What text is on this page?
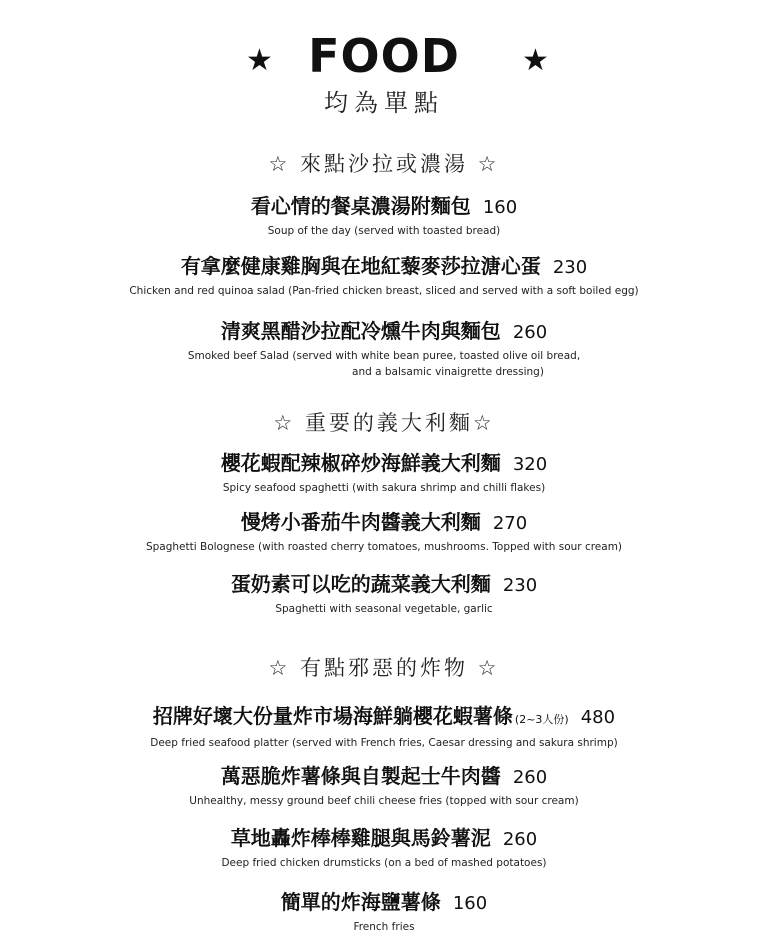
★ FOOD	★
均為單點
☆ 來點沙拉或濃湯 ☆
看心情的餐桌濃湯附麵包 160
Soup of the day (served with toasted bread)
有拿麼健康雞胸與在地紅藜麥莎拉溏心蛋 230
Chicken and red quinoa salad (Pan-fried chicken breast, sliced and served with a soft boiled egg)
清爽黑醋沙拉配冷燻牛肉與麵包 260
Smoked beef Salad (served with white bean puree, toasted olive oil bread,
and a balsamic vinaigrette dressing)
☆ 重要的義大利麵☆
櫻花蝦配辣椒碎炒海鮮義大利麵 320
Spicy seafood spaghetti (with sakura shrimp and chilli flakes)
慢烤小番茄牛肉醬義大利麵 270
Spaghetti Bolognese (with roasted cherry tomatoes, mushrooms. Topped with sour cream)
蛋奶素可以吃的蔬菜義大利麵 230
Spaghetti with seasonal vegetable, garlic
☆ 有點邪惡的炸物 ☆
招牌好壞大份量炸市場海鮮躺櫻花蝦薯條 (2~3人份) 480
Deep fried seafood platter (served with French fries, Caesar dressing and sakura shrimp)
萬惡脆炸薯條與自製起士牛肉醬 260
Unhealthy, messy ground beef chili cheese fries (topped with sour cream)
草地轟炸棒棒雞腿與馬鈴薯泥 260
Deep fried chicken drumsticks (on a bed of mashed potatoes)
簡單的炸海鹽薯條 160
French fries
